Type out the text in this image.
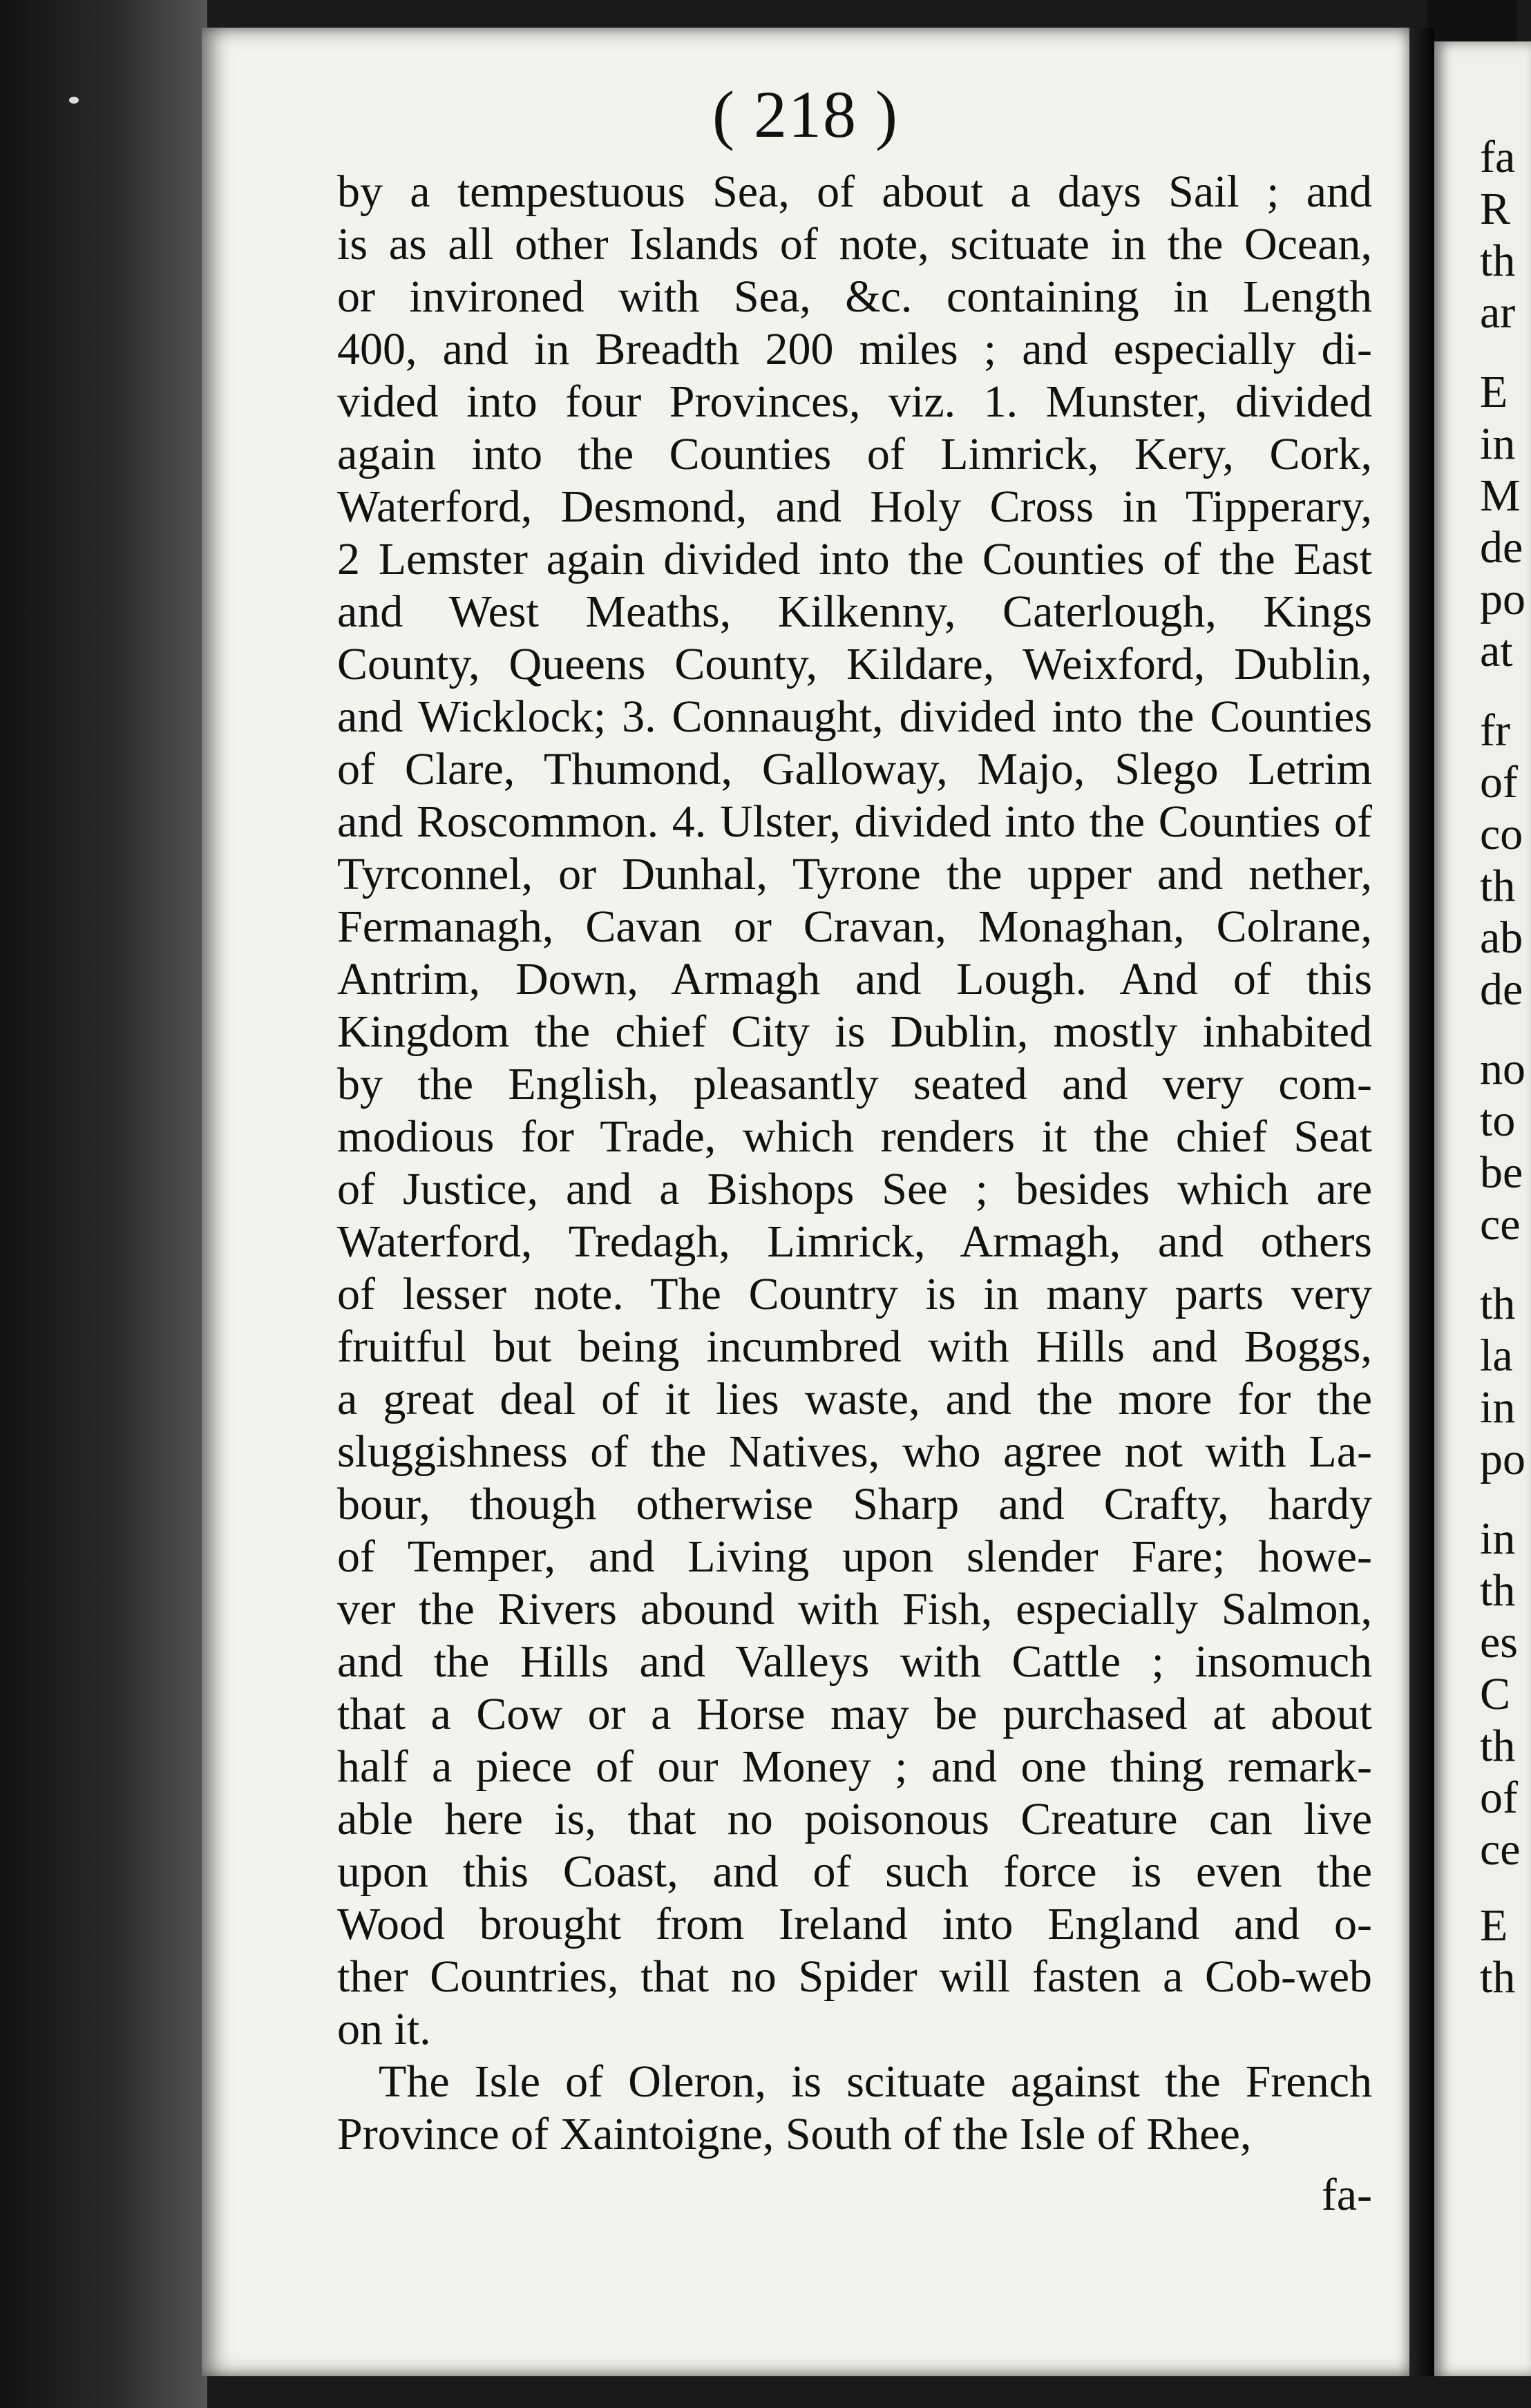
( 218 )
by a tempestuous Sea, of about a days Sail ; and
is as all other Islands of note, scituate in the Ocean,
or invironed with Sea, &c. containing in Length
400, and in Breadth 200 miles ; and especially di-
vided into four Provinces, viz. 1. Munster, divided
again into the Counties of Limrick, Kery, Cork,
Waterford, Desmond, and Holy Cross in Tipperary,
2 Lemster again divided into the Counties of the East
and West Meaths, Kilkenny, Caterlough, Kings
County, Queens County, Kildare, Weixford, Dublin,
and Wicklock; 3. Connaught, divided into the Counties
of Clare, Thumond, Galloway, Majo, Slego Letrim
and Roscommon. 4. Ulster, divided into the Counties of
Tyrconnel, or Dunhal, Tyrone the upper and nether,
Fermanagh, Cavan or Cravan, Monaghan, Colrane,
Antrim, Down, Armagh and Lough. And of this
Kingdom the chief City is Dublin, mostly inhabited
by the English, pleasantly seated and very com-
modious for Trade, which renders it the chief Seat
of Justice, and a Bishops See ; besides which are
Waterford, Tredagh, Limrick, Armagh, and others
of lesser note. The Country is in many parts very
fruitful but being incumbred with Hills and Boggs,
a great deal of it lies waste, and the more for the
sluggishness of the Natives, who agree not with La-
bour, though otherwise Sharp and Crafty, hardy
of Temper, and Living upon slender Fare; howe-
ver the Rivers abound with Fish, especially Salmon,
and the Hills and Valleys with Cattle ; insomuch
that a Cow or a Horse may be purchased at about
half a piece of our Money ; and one thing remark-
able here is, that no poisonous Creature can live
upon this Coast, and of such force is even the
Wood brought from Ireland into England and o-
ther Countries, that no Spider will fasten a Cob-web
on it.
The Isle of Oleron, is scituate against the French
Province of Xaintoigne, South of the Isle of Rhee,
fa-
fa
R
th
ar
E
in
M
de
po
at
fr
of
co
th
ab
de
no
to
be
ce
th
la
in
po
in
th
es
C
th
of
ce
E
th
